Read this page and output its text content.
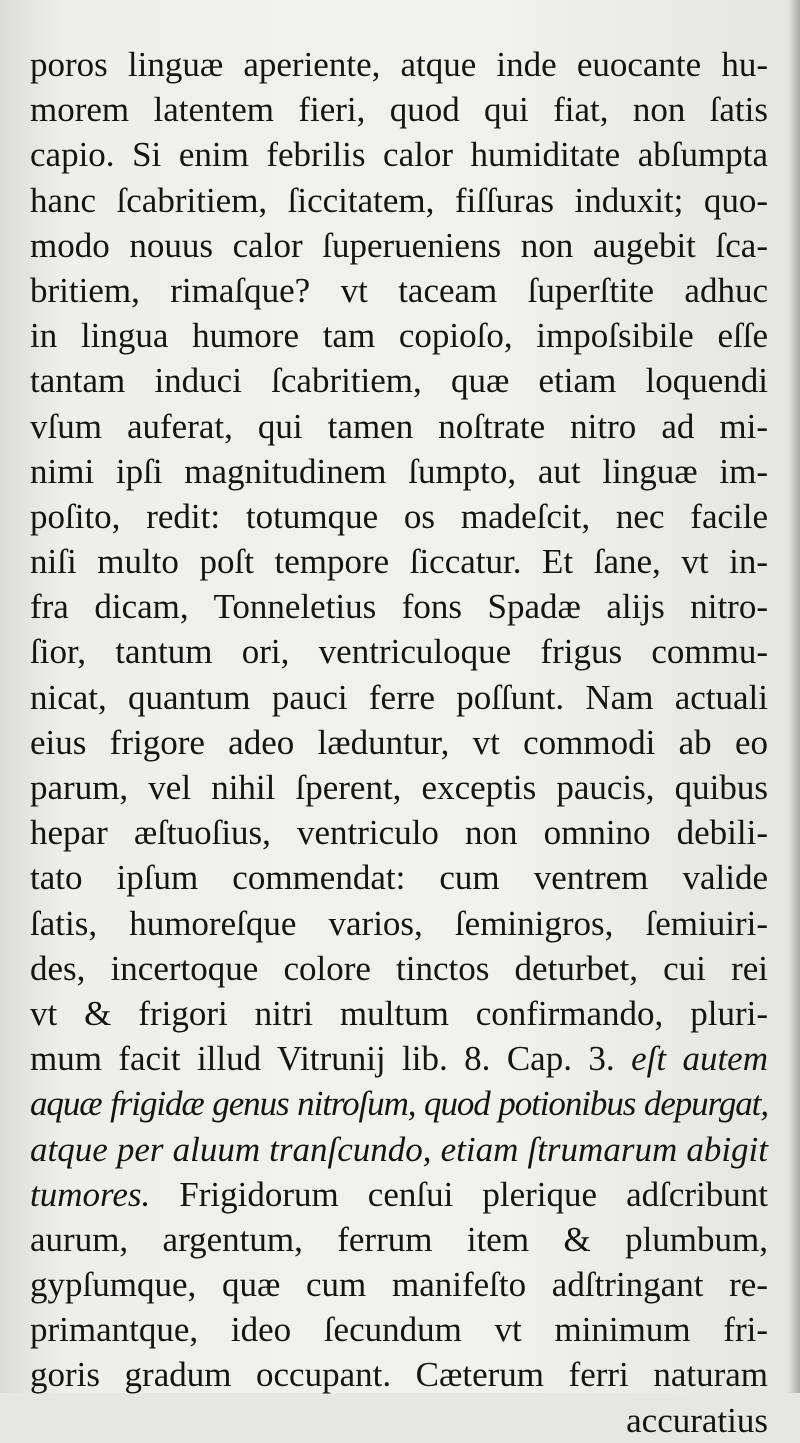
poros linguæ aperiente, atque inde euocante hu-
morem latentem fieri, quod qui fiat, non ſatis
capio. Si enim febrilis calor humiditate abſumpta
hanc ſcabritiem, ſiccitatem, fiſſuras induxit; quo-
modo nouus calor ſuperueniens non augebit ſca-
britiem, rimaſque? vt taceam ſuperſtite adhuc
in lingua humore tam copioſo, impoſsibile eſſe
tantam induci ſcabritiem, quæ etiam loquendi
vſum auferat, qui tamen noſtrate nitro ad mi-
nimi ipſi magnitudinem ſumpto, aut linguæ im-
poſito, redit: totumque os madeſcit, nec facile
niſi multo poſt tempore ſiccatur. Et ſane, vt in-
fra dicam, Tonneletius fons Spadæ alijs nitro-
ſior, tantum ori, ventriculoque frigus commu-
nicat, quantum pauci ferre poſſunt. Nam actuali
eius frigore adeo læduntur, vt commodi ab eo
parum, vel nihil ſperent, exceptis paucis, quibus
hepar æſtuoſius, ventriculo non omnino debili-
tato ipſum commendat: cum ventrem valide
ſatis, humoreſque varios, ſeminigros, ſemiuiri-
des, incertoque colore tinctos deturbet, cui rei
vt & frigori nitri multum confirmando, pluri-
mum facit illud Vitrunij lib. 8. Cap. 3. eſt autem
aquæ frigidæ genus nitroſum, quod potionibus depurgat,
atque per aluum tranſcundo, etiam ſtrumarum abigit
tumores. Frigidorum cenſui plerique adſcribunt
aurum, argentum, ferrum item & plumbum,
gypſumque, quæ cum manifeſto adſtringant re-
primantque, ideo ſecundum vt minimum fri-
goris gradum occupant. Cæterum ferri naturam
accuratius
